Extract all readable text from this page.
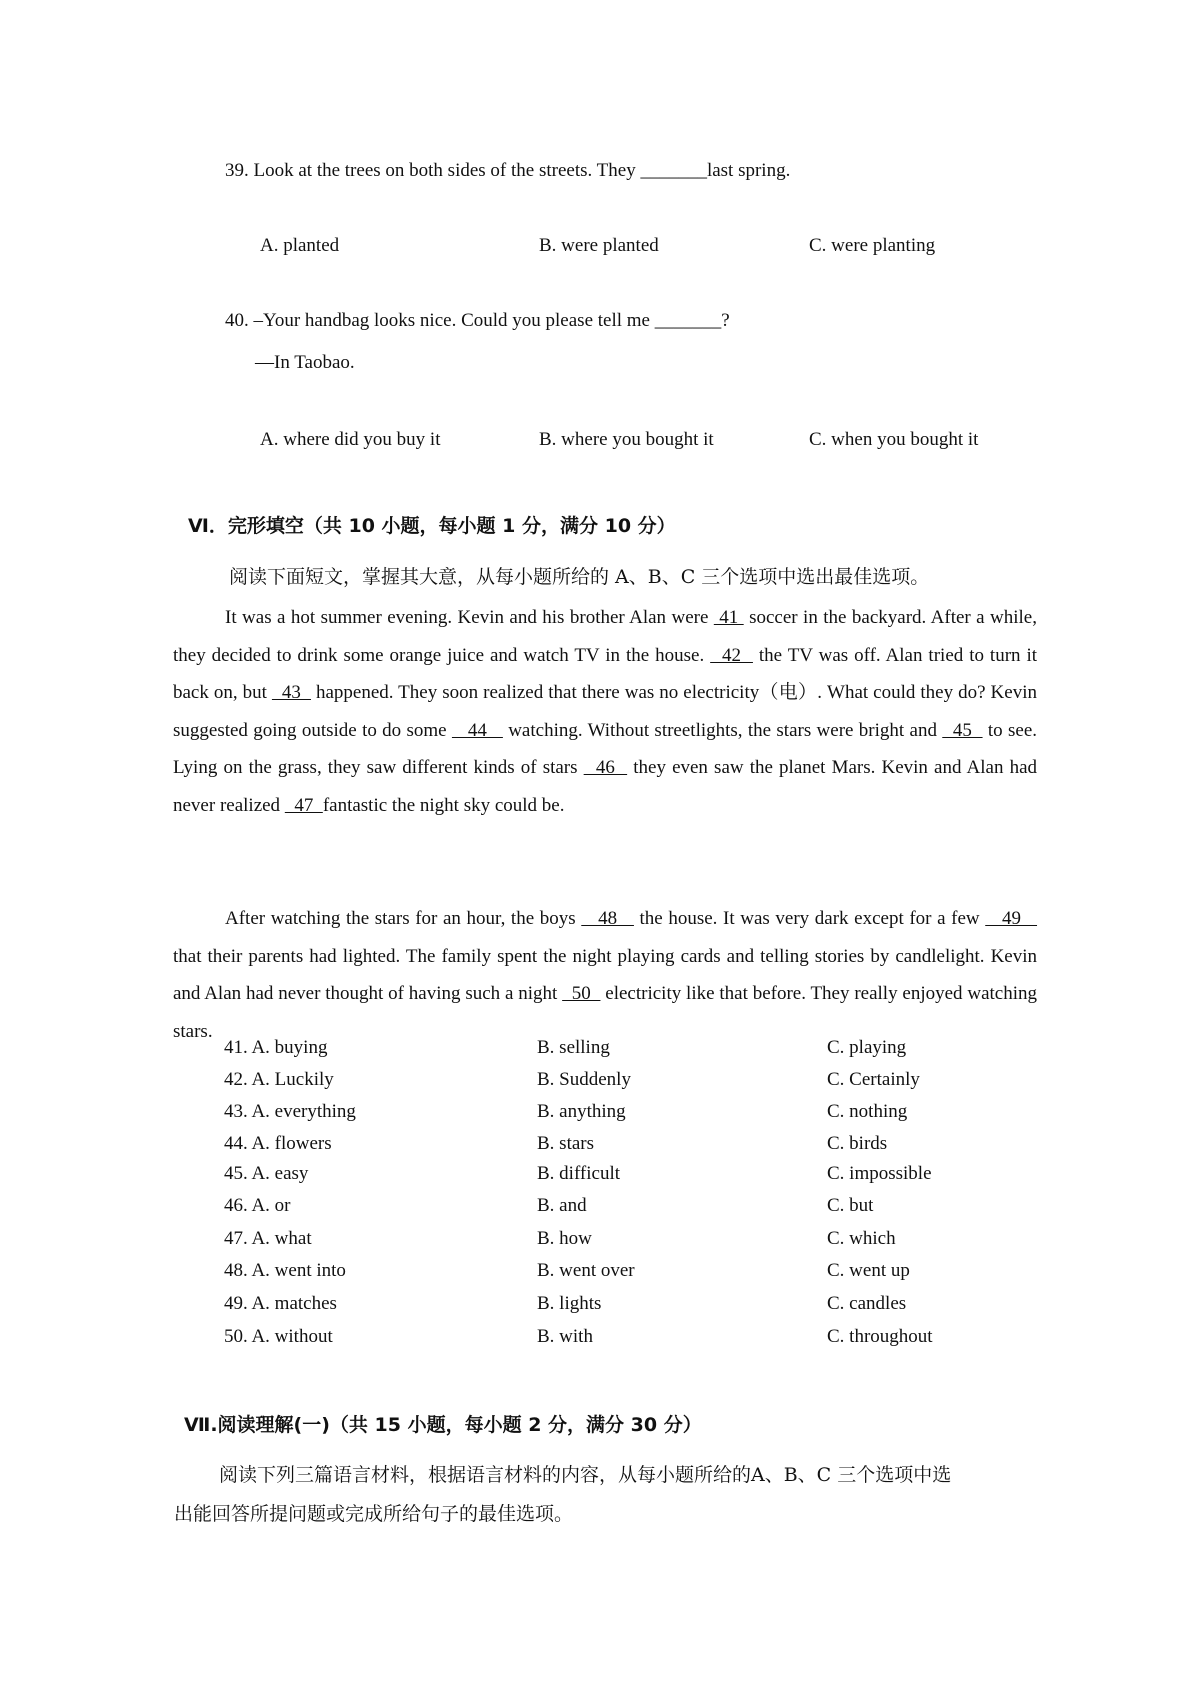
39. Look at the trees on both sides of the streets. They _______last spring.
A. planted	B. were planted	C. were planting
40. –Your handbag looks nice. Could you please tell me _______?
—In Taobao.
A. where did you buy it	B. where you bought it	C. when you bought it
Ⅵ．完形填空（共 10 小题，每小题 1 分，满分 10 分）
阅读下面短文，掌握其大意，从每小题所给的 A、B、C 三个选项中选出最佳选项。
It was a hot summer evening. Kevin and his brother Alan were  41  soccer in the backyard. After a while, they decided to drink some orange juice and watch TV in the house.   42   the TV was off. Alan tried to turn it back on, but   43   happened. They soon realized that there was no electricity（电）. What could they do? Kevin suggested going outside to do some    44    watching. Without streetlights, the stars were bright and   45   to see. Lying on the grass, they saw different kinds of stars   46   they even saw the planet Mars. Kevin and Alan had never realized   47  fantastic the night sky could be.
After watching the stars for an hour, the boys    48    the house. It was very dark except for a few    49    that their parents had lighted. The family spent the night playing cards and telling stories by candlelight. Kevin and Alan had never thought of having such a night   50   electricity like that before. They really enjoyed watching stars.
41. A. buying	B. selling	C. playing
42. A. Luckily	B. Suddenly	C. Certainly
43. A. everything	B. anything	C. nothing
44. A. flowers	B. stars	C. birds
45. A. easy	B. difficult	C. impossible
46. A. or	B. and	C. but
47. A. what	B. how	C. which
48. A. went into	B. went over	C. went up
49. A. matches	B. lights	C. candles
50. A. without	B. with	C. throughout
Ⅶ.阅读理解(一)（共 15 小题，每小题 2 分，满分 30 分）
阅读下列三篇语言材料，根据语言材料的内容，从每小题所给的A、B、C 三个选项中选
出能回答所提问题或完成所给句子的最佳选项。
